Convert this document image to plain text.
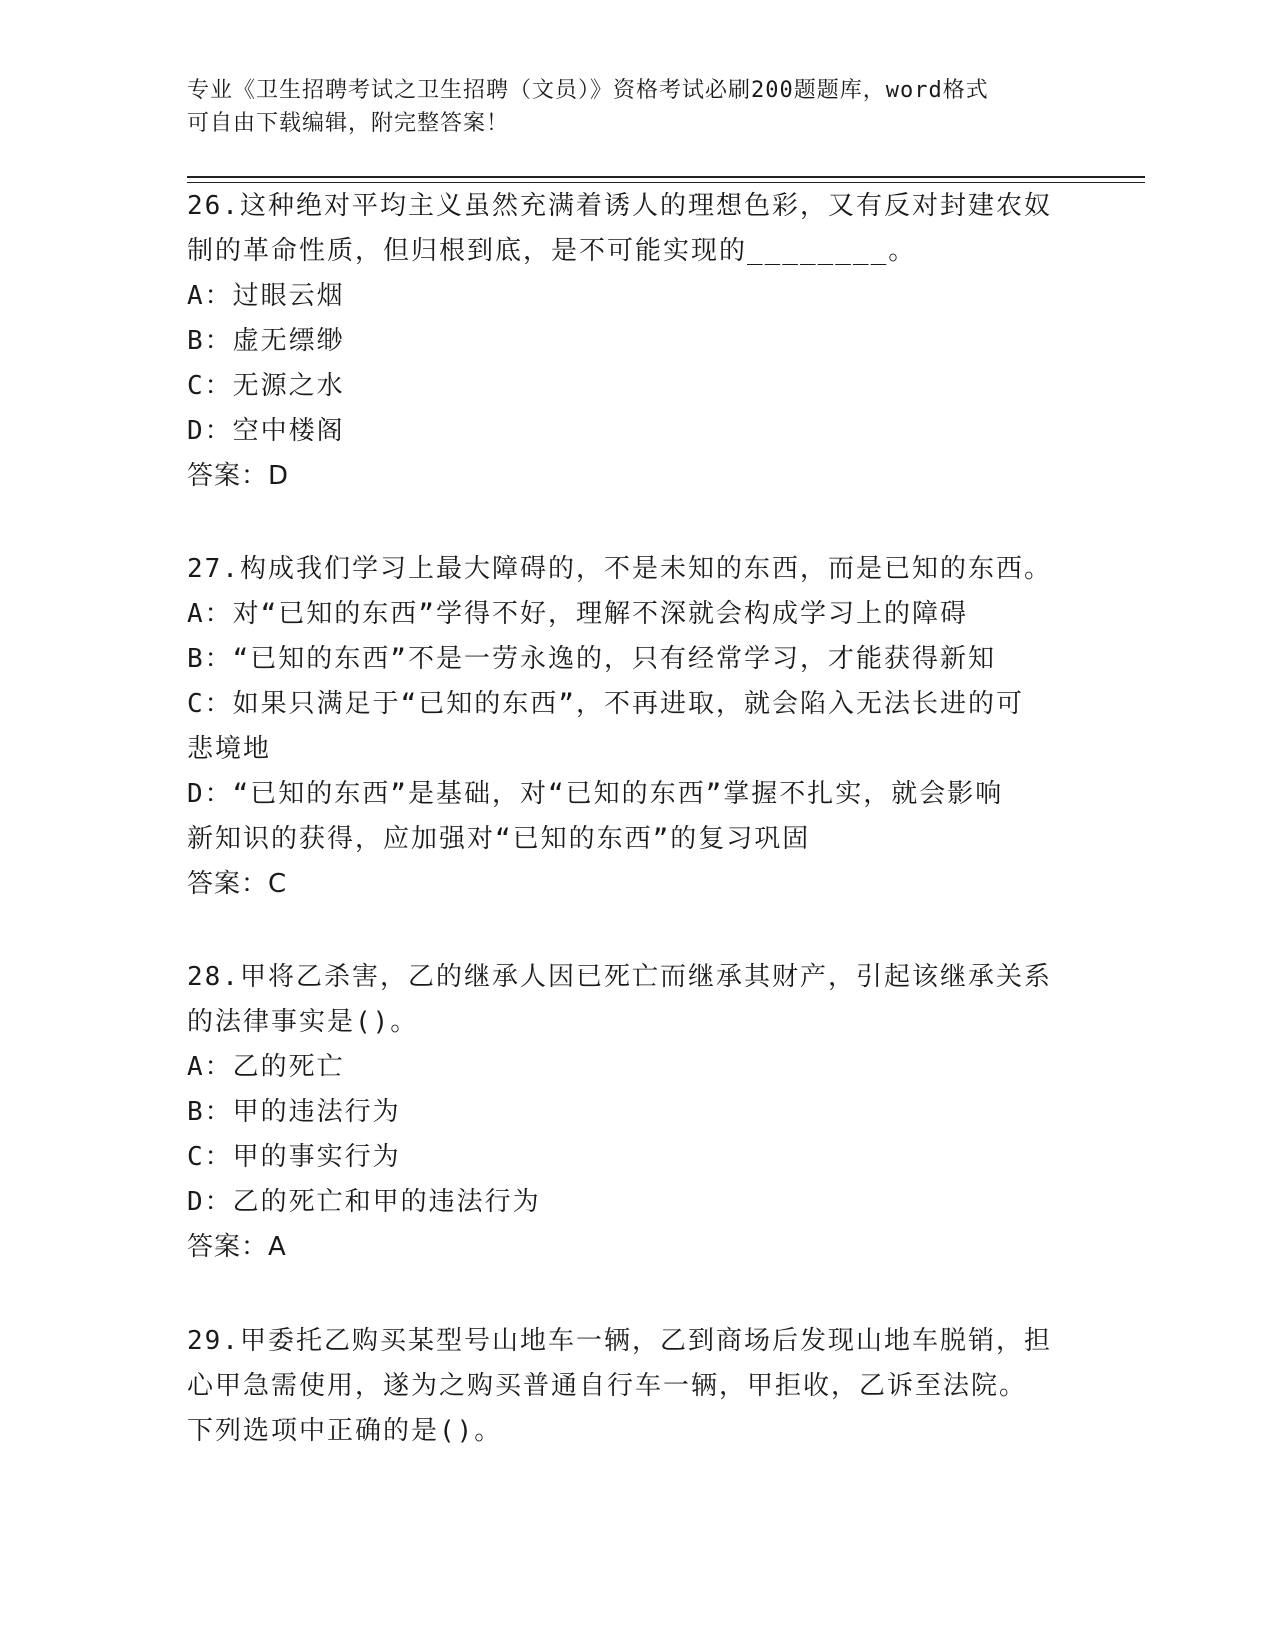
专业《卫生招聘考试之卫生招聘（文员）》资格考试必刷200题题库，word格式
可自由下载编辑，附完整答案！
26.这种绝对平均主义虽然充满着诱人的理想色彩，又有反对封建农奴
制的革命性质，但归根到底，是不可能实现的________。
A：过眼云烟
B：虚无缥缈
C：无源之水
D：空中楼阁
答案：D
27.构成我们学习上最大障碍的，不是未知的东西，而是已知的东西。
A：对“已知的东西”学得不好，理解不深就会构成学习上的障碍
B：“已知的东西”不是一劳永逸的，只有经常学习，才能获得新知
C：如果只满足于“已知的东西”，不再进取，就会陷入无法长进的可
悲境地
D：“已知的东西”是基础，对“已知的东西”掌握不扎实，就会影响
新知识的获得，应加强对“已知的东西”的复习巩固
答案：C
28.甲将乙杀害，乙的继承人因已死亡而继承其财产，引起该继承关系
的法律事实是()。
A：乙的死亡
B：甲的违法行为
C：甲的事实行为
D：乙的死亡和甲的违法行为
答案：A
29.甲委托乙购买某型号山地车一辆，乙到商场后发现山地车脱销，担
心甲急需使用，遂为之购买普通自行车一辆，甲拒收，乙诉至法院。
下列选项中正确的是()。
